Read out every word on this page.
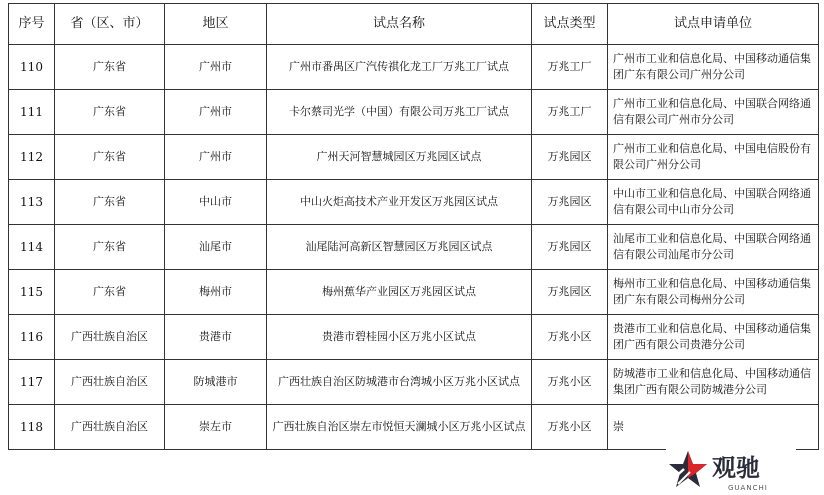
序号	省（区、市）	地区	试点名称	试点类型	试点申请单位
110	广东省	广州市	广州市番禺区广汽传祺化龙工厂万兆工厂试点	万兆工厂	广州市工业和信息化局、中国移动通信集团广东有限公司广州分公司
111	广东省	广州市	卡尔蔡司光学（中国）有限公司万兆工厂试点	万兆工厂	广州市工业和信息化局、中国联合网络通信有限公司广州市分公司
112	广东省	广州市	广州天河智慧城园区万兆园区试点	万兆园区	广州市工业和信息化局、中国电信股份有限公司广州分公司
113	广东省	中山市	中山火炬高技术产业开发区万兆园区试点	万兆园区	中山市工业和信息化局、中国联合网络通信有限公司中山市分公司
114	广东省	汕尾市	汕尾陆河高新区智慧园区万兆园区试点	万兆园区	汕尾市工业和信息化局、中国联合网络通信有限公司汕尾市分公司
115	广东省	梅州市	梅州蕉华产业园区万兆园区试点	万兆园区	梅州市工业和信息化局、中国移动通信集团广东有限公司梅州分公司
116	广西壮族自治区	贵港市	贵港市碧桂园小区万兆小区试点	万兆小区	贵港市工业和信息化局、中国移动通信集团广西有限公司贵港分公司
117	广西壮族自治区	防城港市	广西壮族自治区防城港市台湾城小区万兆小区试点	万兆小区	防城港市工业和信息化局、中国移动通信集团广西有限公司防城港分公司
118	广西壮族自治区	崇左市	广西壮族自治区崇左市悦恒天澜城小区万兆小区试点	万兆小区	崇
观驰
GUANCHI
